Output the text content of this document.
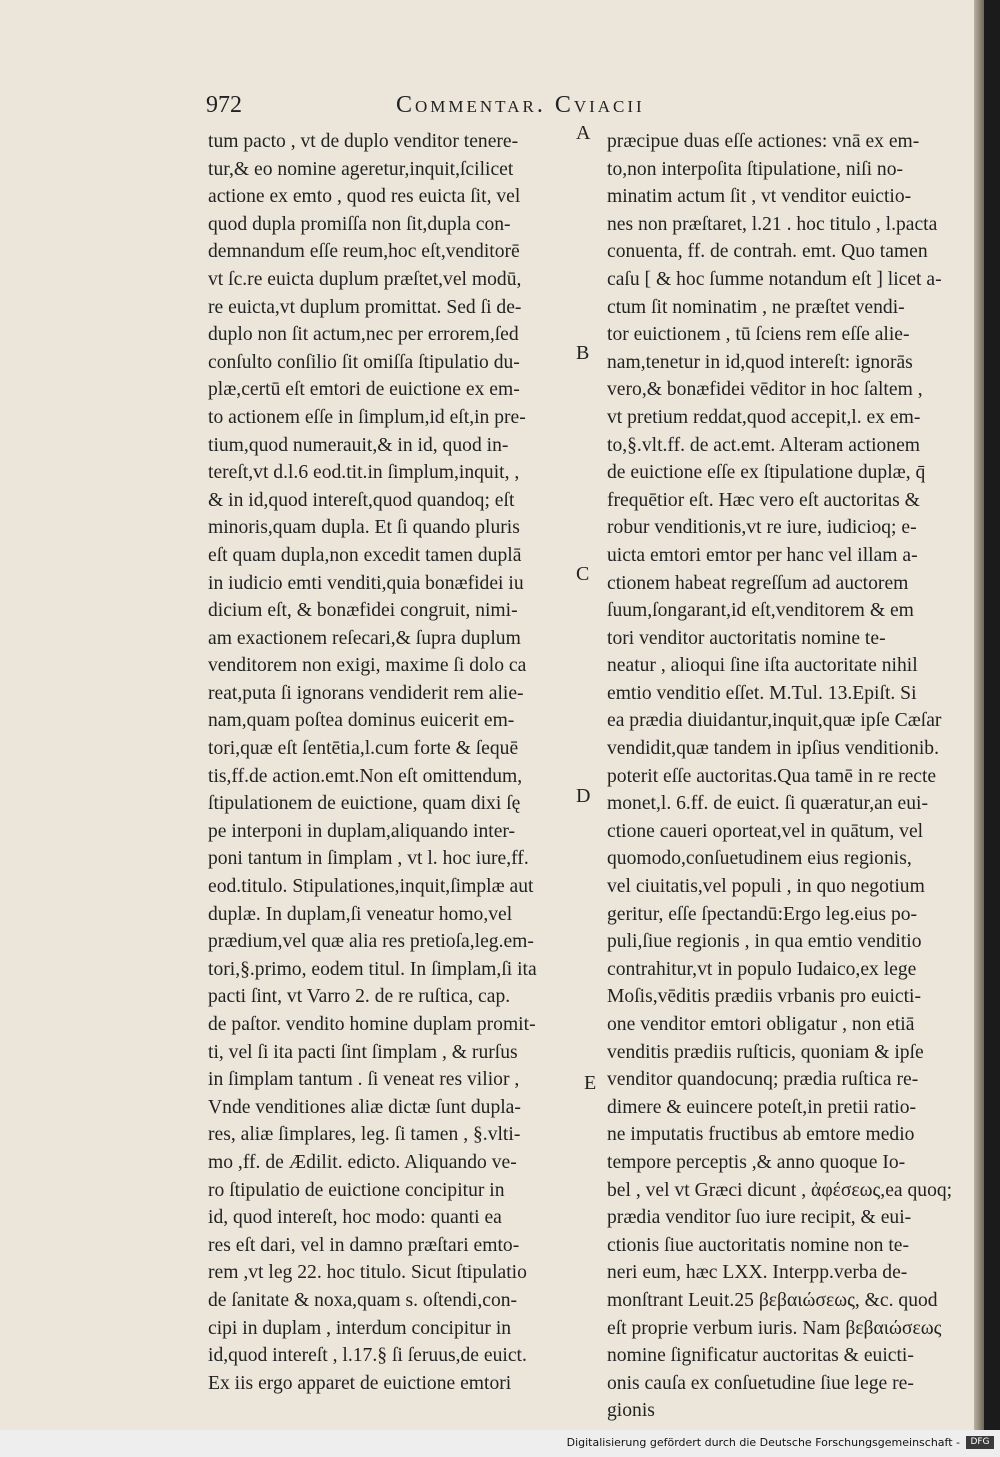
972	Commentar. Cviacii
tum pacto , vt de duplo venditor tenere-
tur,& eo nomine ageretur,inquit,ſcilicet
actione ex emto , quod res euicta ſit, vel
quod dupla promiſſa non ſit,dupla con-
demnandum eſſe reum,hoc eſt,venditorē
vt ſc.re euicta duplum præſtet,vel modū,
re euicta,vt duplum promittat. Sed ſi de-
duplo non ſit actum,nec per errorem,ſed
conſulto conſilio ſit omiſſa ſtipulatio du-
plæ,certū eſt emtori de euictione ex em-
to actionem eſſe in ſimplum,id eſt,in pre-
tium,quod numerauit,& in id, quod in-
tereſt,vt d.l.6 eod.tit.in ſimplum,inquit, ,
& in id,quod intereſt,quod quandoq; eſt
minoris,quam dupla. Et ſi quando pluris
eſt quam dupla,non excedit tamen duplā
in iudicio emti venditi,quia bonæfidei iu
dicium eſt, & bonæfidei congruit, nimi-
am exactionem reſecari,& ſupra duplum
venditorem non exigi, maxime ſi dolo ca
reat,puta ſi ignorans vendiderit rem alie-
nam,quam poſtea dominus euicerit em-
tori,quæ eſt ſentētia,l.cum forte & ſequē
tis,ff.de action.emt.Non eſt omittendum,
ſtipulationem de euictione, quam dixi ſę
pe interponi in duplam,aliquando inter-
poni tantum in ſimplam , vt l. hoc iure,ff.
eod.titulo. Stipulationes,inquit,ſimplæ aut
duplæ. In duplam,ſi veneatur homo,vel
prædium,vel quæ alia res pretioſa,leg.em-
tori,§.primo, eodem titul. In ſimplam,ſi ita
pacti ſint, vt Varro 2. de re ruſtica, cap.
de paſtor. vendito homine duplam promit-
ti, vel ſi ita pacti ſint ſimplam , & rurſus
in ſimplam tantum . ſi veneat res vilior ,
Vnde venditiones aliæ dictæ ſunt dupla-
res, aliæ ſimplares, leg. ſi tamen , §.vlti-
mo ,ff. de Ædilit. edicto. Aliquando ve-
ro ſtipulatio de euictione concipitur in
id, quod intereſt, hoc modo: quanti ea
res eſt dari, vel in damno præſtari emto-
rem ,vt leg 22. hoc titulo. Sicut ſtipulatio
de ſanitate & noxa,quam s. oſtendi,con-
cipi in duplam , interdum concipitur in
id,quod intereſt , l.17.§ ſi ſeruus,de euict.
Ex iis ergo apparet de euictione emtori
præcipue duas eſſe actiones: vnā ex em-
to,non interpoſita ſtipulatione, niſi no-
minatim actum ſit , vt venditor euictio-
nes non præſtaret, l.21 . hoc titulo , l.pacta
conuenta, ff. de contrah. emt. Quo tamen
caſu [ & hoc ſumme notandum eſt ] licet a-
ctum ſit nominatim , ne præſtet vendi-
tor euictionem , tū ſciens rem eſſe alie-
nam,tenetur in id,quod intereſt: ignorās
vero,& bonæfidei vēditor in hoc ſaltem ,
vt pretium reddat,quod accepit,l. ex em-
to,§.vlt.ff. de act.emt. Alteram actionem
de euictione eſſe ex ſtipulatione duplæ, q̄
frequētior eſt. Hæc vero eſt auctoritas &
robur venditionis,vt re iure, iudicioq; e-
uicta emtori emtor per hanc vel illam a-
ctionem habeat regreſſum ad auctorem
ſuum,ſongarant,id eſt,venditorem & em
tori venditor auctoritatis nomine te-
neatur , alioqui ſine iſta auctoritate nihil
emtio venditio eſſet. M.Tul. 13.Epiſt. Si
ea prædia diuidantur,inquit,quæ ipſe Cæſar
vendidit,quæ tandem in ipſius venditionib.
poterit eſſe auctoritas.Qua tamē in re recte
monet,l. 6.ff. de euict. ſi quæratur,an eui-
ctione caueri oporteat,vel in quātum, vel
quomodo,conſuetudinem eius regionis,
vel ciuitatis,vel populi , in quo negotium
geritur, eſſe ſpectandū:Ergo leg.eius po-
puli,ſiue regionis , in qua emtio venditio
contrahitur,vt in populo Iudaico,ex lege
Moſis,vēditis prædiis vrbanis pro euicti-
one venditor emtori obligatur , non etiā
venditis prædiis ruſticis, quoniam & ipſe
venditor quandocunq; prædia ruſtica re-
dimere & euincere poteſt,in pretii ratio-
ne imputatis fructibus ab emtore medio
tempore perceptis ,& anno quoque Io-
bel , vel vt Græci dicunt , ἀφέσεως,ea quoq;
prædia venditor ſuo iure recipit, & eui-
ctionis ſiue auctoritatis nomine non te-
neri eum, hæc LXX. Interpp.verba de-
monſtrant Leuit.25 βεβαιώσεως, &c. quod
eſt proprie verbum iuris. Nam βεβαιώσεως
nomine ſignificatur auctoritas & euicti-
onis cauſa ex conſuetudine ſiue lege re-
gionis
A
B
C
D
E
Digitalisierung gefördert durch die Deutsche Forschungsgemeinschaft -	DFG
